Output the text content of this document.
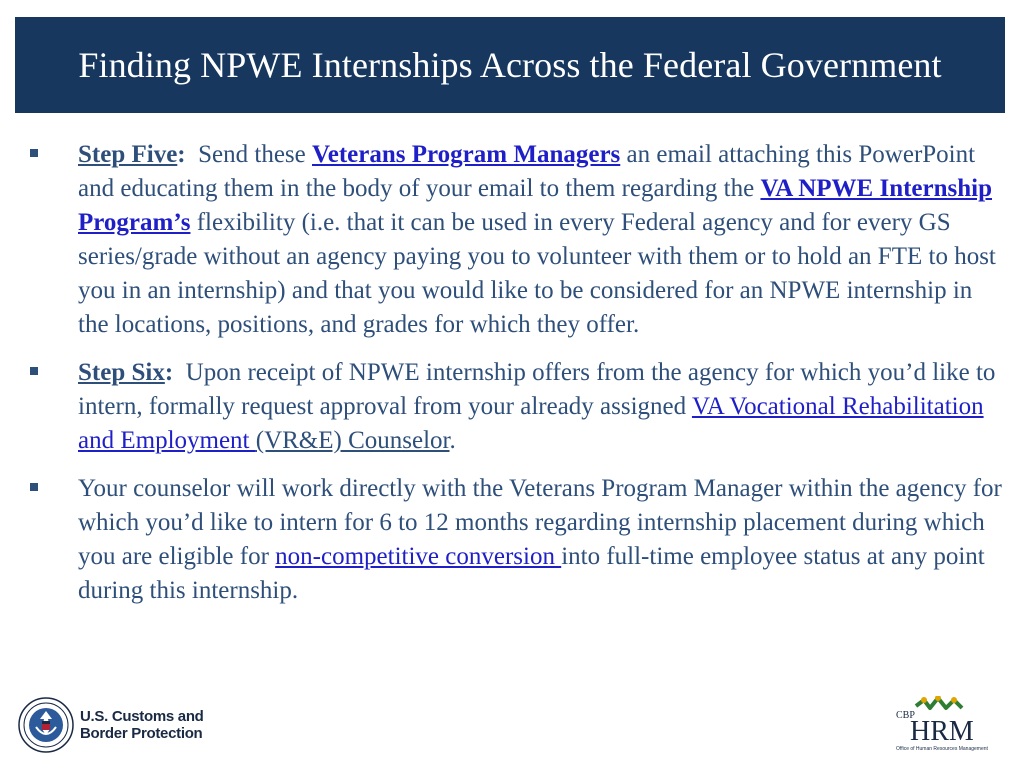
Finding NPWE Internships Across the Federal Government
Step Five:  Send these Veterans Program Managers an email attaching this PowerPoint and educating them in the body of your email to them regarding the VA NPWE Internship Program’s flexibility (i.e. that it can be used in every Federal agency and for every GS series/grade without an agency paying you to volunteer with them or to hold an FTE to host you in an internship) and that you would like to be considered for an NPWE internship in the locations, positions, and grades for which they offer.
Step Six:  Upon receipt of NPWE internship offers from the agency for which you’d like to intern, formally request approval from your already assigned VA Vocational Rehabilitation and Employment (VR&E) Counselor.
Your counselor will work directly with the Veterans Program Manager within the agency for which you’d like to intern for 6 to 12 months regarding internship placement during which you are eligible for non-competitive conversion into full-time employee status at any point during this internship.
U.S. Customs and
Border Protection
CBP
HRM
Office of Human Resources Management
